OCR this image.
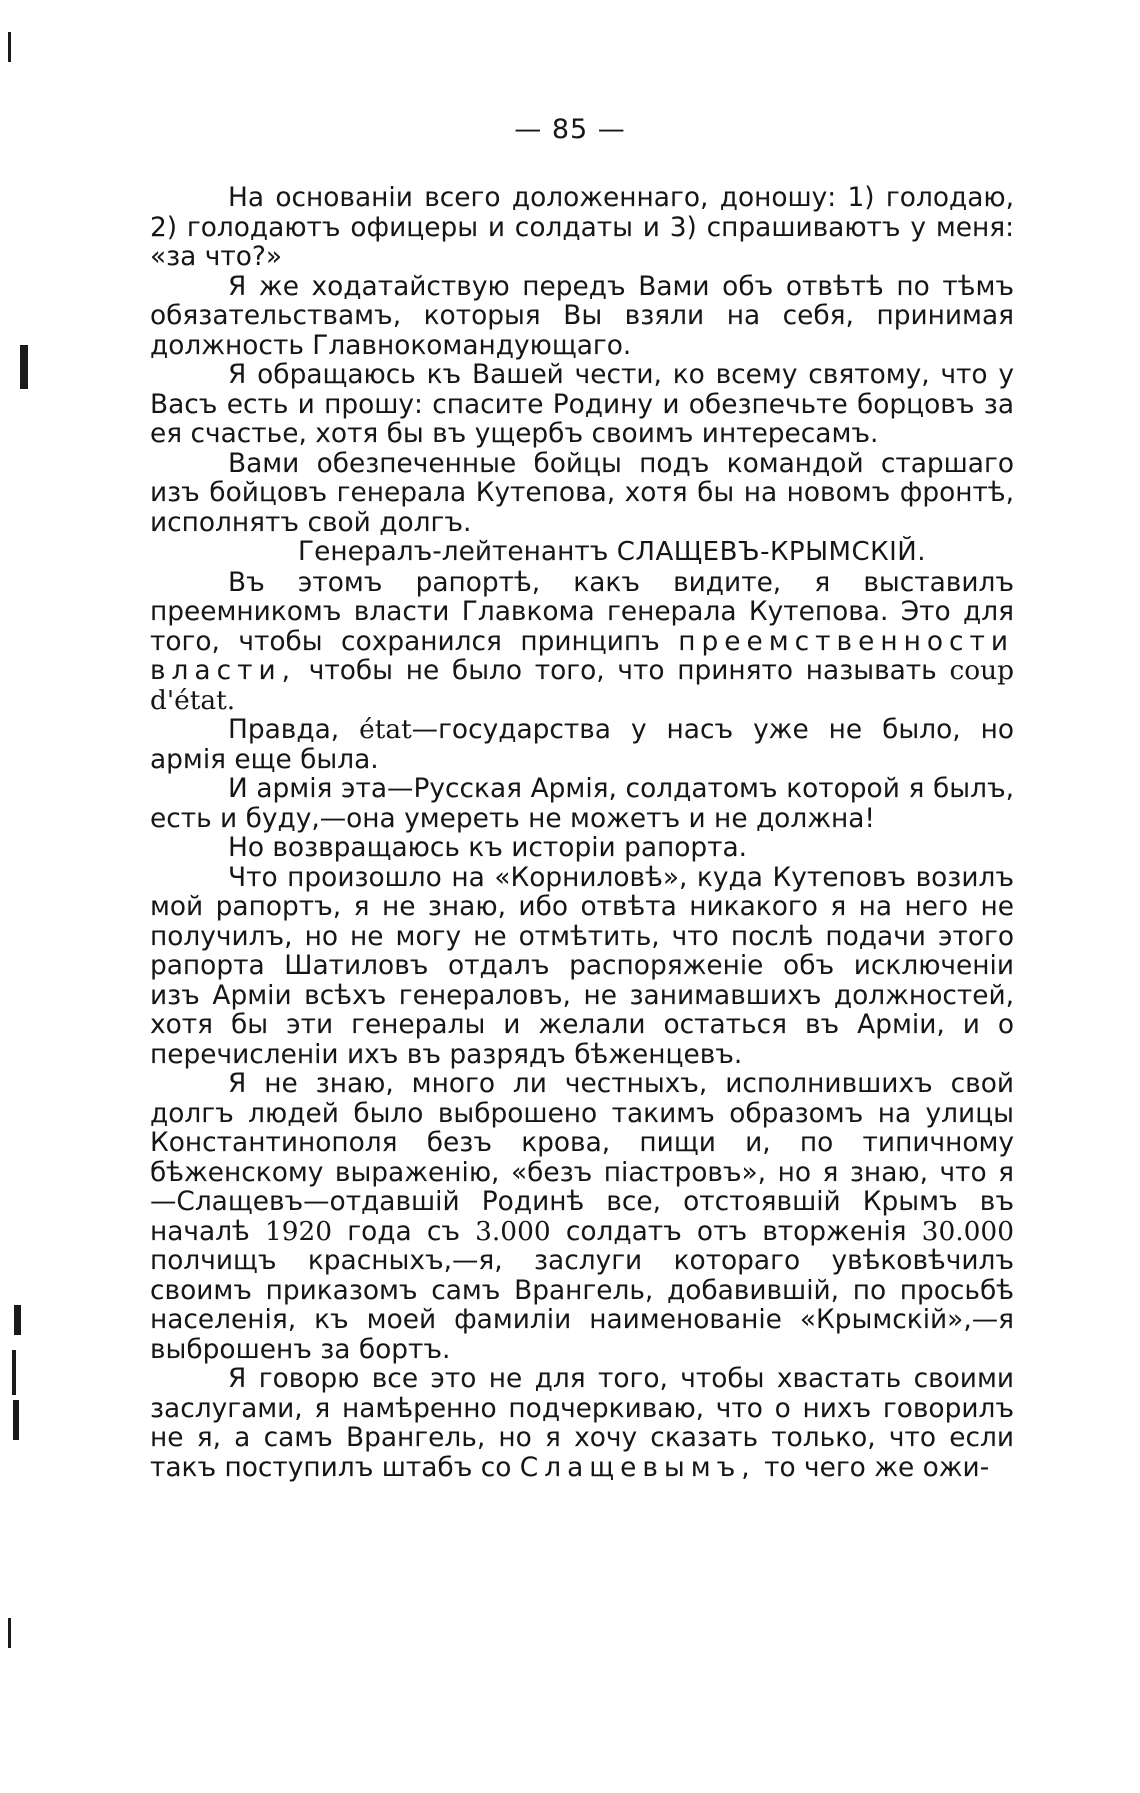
— 85 —

На основаніи всего доложеннаго, доношу: 1) голодаю, 2) голодаютъ офицеры и солдаты и 3) спрашиваютъ у меня: «за что?»

Я же ходатайствую передъ Вами объ отвѣтѣ по тѣмъ обязательствамъ, которыя Вы взяли на себя, принимая должность Главнокомандующаго.

Я обращаюсь къ Вашей чести, ко всему святому, что у Васъ есть и прошу: спасите Родину и обезпечьте борцовъ за ея счастье, хотя бы въ ущербъ своимъ интересамъ.

Вами обезпеченные бойцы подъ командой старшаго изъ бойцовъ генерала Кутепова, хотя бы на новомъ фронтѣ, исполнятъ свой долгъ.

Генералъ-лейтенантъ СЛАЩЕВЪ-КРЫМСКІЙ.

Въ этомъ рапортѣ, какъ видите, я выставилъ преемникомъ власти Главкома генерала Кутепова. Это для того, чтобы сохранился принципъ преемственности власти, чтобы не было того, что принято называть coup d'état.

Правда, état—государства у насъ уже не было, но армія еще была.

И армія эта—Русская Армія, солдатомъ которой я былъ, есть и буду,—она умереть не можетъ и не должна!

Но возвращаюсь къ исторіи рапорта.

Что произошло на «Корниловѣ», куда Кутеповъ возилъ мой рапортъ, я не знаю, ибо отвѣта никакого я на него не получилъ, но не могу не отмѣтить, что послѣ подачи этого рапорта Шатиловъ отдалъ распоряженіе объ исключеніи изъ Арміи всѣхъ генераловъ, не занимавшихъ должностей, хотя бы эти генералы и желали остаться въ Арміи, и о перечисленіи ихъ въ разрядъ бѣженцевъ.

Я не знаю, много ли честныхъ, исполнившихъ свой долгъ людей было выброшено такимъ образомъ на улицы Константинополя безъ крова, пищи и, по типичному бѣженскому выраженію, «безъ піастровъ», но я знаю, что я—Слащевъ—отдавшій Родинѣ все, отстоявшій Крымъ въ началѣ 1920 года съ 3.000 солдатъ отъ вторженія 30.000 полчищъ красныхъ,—я, заслуги котораго увѣковѣчилъ своимъ приказомъ самъ Врангель, добавившій, по просьбѣ населенія, къ моей фамиліи наименованіе «Крымскій»,—я выброшенъ за бортъ.

Я говорю все это не для того, чтобы хвастать своими заслугами, я намѣренно подчеркиваю, что о нихъ говорилъ не я, а самъ Врангель, но я хочу сказать только, что если такъ поступилъ штабъ со Слащевымъ, то чего же ожи-
